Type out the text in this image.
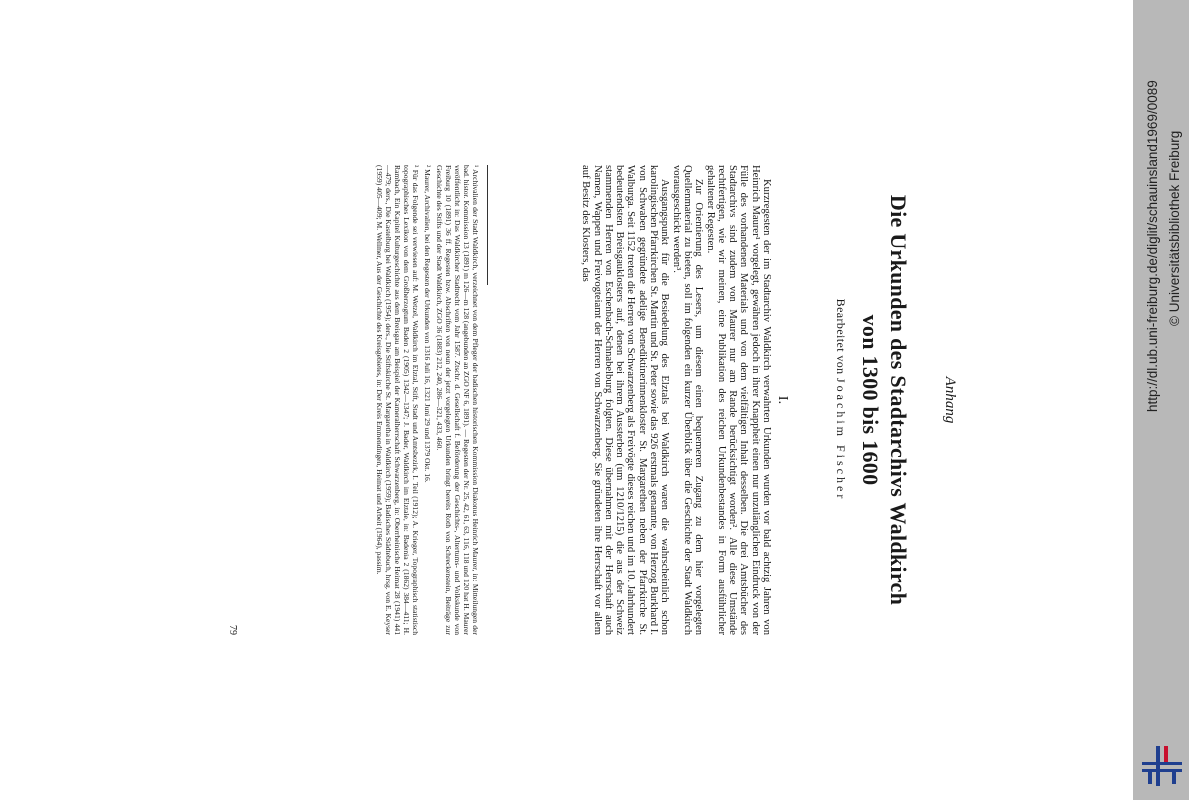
Anhang
Die Urkunden des Stadtarchivs Waldkirch
von 1300 bis 1600
Bearbeitet von Joachim Fischer
I.

Kurzregesten der im Stadtarchiv Waldkirch verwahrten Urkunden wurden vor bald achtzig Jahren von Heinrich Maurer¹ vorgelegt, gewähren jedoch in ihrer Knappheit einen nur unzulänglichen Eindruck von der Fülle des vorhandenen Materials und von dem vielfältigen Inhalt desselben. Die drei Amtsbücher des Stadtarchivs sind zudem von Maurer nur am Rande berücksichtigt worden². Alle diese Umstände rechtfertigen, wie wir meinen, eine Publikation des reichen Urkundenbestandes in Form ausführlicher gehaltener Regesten.

Zur Orientierung des Lesers, um diesem einen bequemeren Zugang zu dem hier vorgelegten Quellenmaterial zu bieten, soll im folgenden ein kurzer Überblick über die Geschichte der Stadt Waldkirch vorausgeschickt werden³.

Ausgangspunkt für die Besiedelung des Elztals bei Waldkirch waren die wahrscheinlich schon karolingischen Pfarrkirchen St. Martin und St. Peter sowie das 926 erstmals genannte, von Herzog Burkhard I. von Schwaben gegründete adelige Benediktinerinnenkloster St. Margarethen neben der Pfarrkirche St. Walburga. Seit 1152 treten die Herren von Schwarzenberg als Freivögte dieses reichen und im 10. Jahrhundert bedeutendsten Breisgauklosters auf, denen bei ihrem Aussterben (um 1210/1215) die aus der Schweiz stammenden Herren von Eschenbach-Schnabelburg folgten. Diese übernahmen mit der Herrschaft auch Namen, Wappen und Freivogteiamt der Herren von Schwarzenberg. Sie gründeten ihre Herrschaft vor allem auf Besitz des Klosters, das

¹ Archivalien der Stadt Waldkirch, verzeichnet von dem Pfleger der badischen historischen Kommission Diakonus Heinrich Maurer, in: Mitteilungen der bad. histor. Kommission 13 (1891) m 126—m 128 (angebunden an ZGO NF 6, 1891). — Regesten der Nr. 25, 42, 61, 63, 116, 118 und 120 hat H. Maurer veröffentlicht in: Das Waldkircher Stadtrecht vom Jahr 1587. Ztschr. d. Gesellschaft f. Beförderung der Geschichts-, Altertums- und Volkskunde von Freiburg 10 (1891) 36 ff. Regesten bzw. Abschriften von neun der jetzt vorgelegten Urkunden bringt bereits Roth von Schreckenstein, Beiträge zur Geschichte des Stifts und der Stadt Waldkirch, ZGO 36 (1883) 212, 240, 286—321, 433, 460.

² Maurer, Archivalien, bei den Regesten der Urkunden von 1316 Juli 16, 1321 Juni 29 und 1379 Okt. 16.

³ Für das Folgende sei verwiesen auf: M. Wetzel, Waldkirch im Elztal, Stift, Stadt und Amtsbezirk, I. Teil (1912); A. Krieger, Topographisch statistisch topographisches Lexikon von dem Großherzogtum Baden 2 (1905) 1342—1347; J. Bader, Waldkirch im Elztale, in: Badenia 2 (1862) 384—411; H. Rambach, Ein Kapitel Kulturgeschichte aus dem Breisgau am Beispiel der Kameralherrschaft Schwarzenberg, in: Oberrheinische Heimat 28 (1941) 441—479; ders., Die Kastelburg bei Waldkirch (1954); ders., Die Stiftskirche St. Margaretha in Waldkirch (1959); Badisches Städtebuch, hrsg. von E. Keyser (1959) 405—409; M. Wellmer, Aus der Geschichte des Kreisgebietes, in: Der Kreis Emmendingen, Heimat und Arbeit (1964), passim.

79
http://dl.ub.uni-freiburg.de/diglit/schauinsland1969/0089 © Universitätsbibliothek Freiburg
